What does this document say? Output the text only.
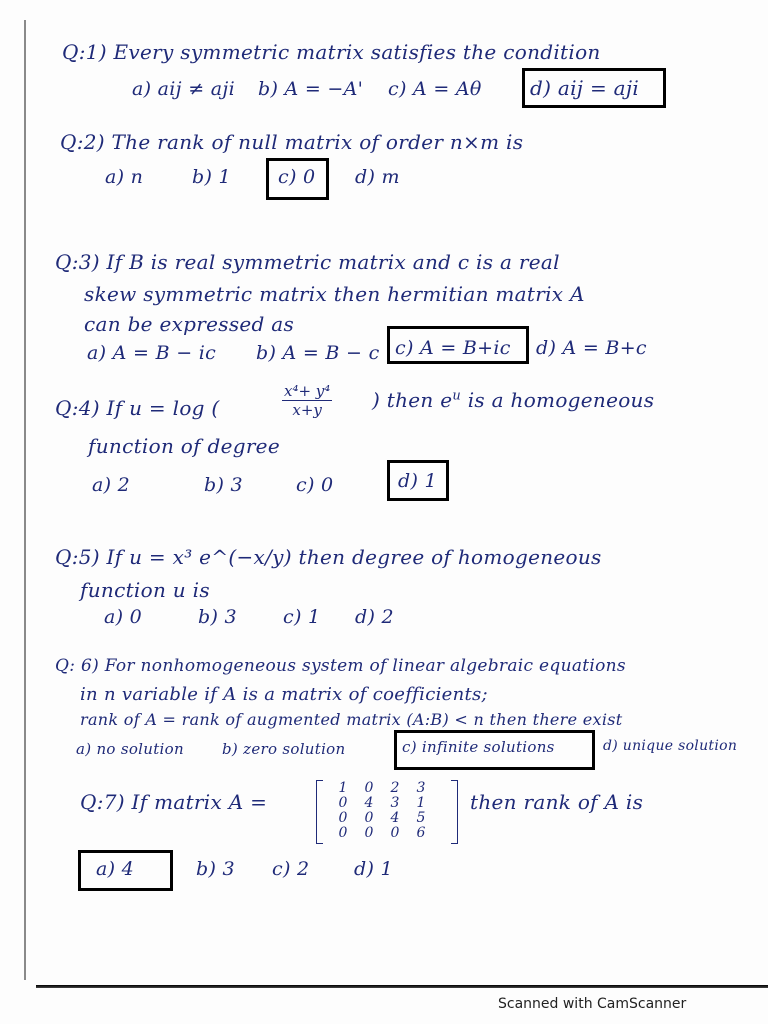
Q:1) Every symmetric matrix satisfies the condition
a) aij ≠ aji b) A = −A' c) A = Aθ d) aij = aji
Q:2) The rank of null matrix of order n×m is
a) n	b) 1 c) 0 d) m
Q:3) If B is real symmetric matrix and c is a real
skew symmetric matrix then hermitian matrix A
can be expressed as
a) A = B − ic b) A = B − c c) A = B+ic d) A = B+c
Q:4) If u = log (	$\frac{\text{x⁴+ y⁴}}{x+y}$ ) then $e^u$ is a homogeneous
function of degree
a) 2	b) 3	c) 0	d) 1
Q:5) If u = x³ e^(−x/y) then degree of homogeneous
function u is
a) 0	b) 3 c) 1 d) 2
Q: 6) For nonhomogeneous system of linear algebraic equations
in n variable if A is a matrix of coefficients;
rank of A = rank of augmented matrix (A:B) < n then there exist
a) no solution	b) zero solution	c) infinite solutions	d) unique solution
Q:7) If matrix A =
1	0	2	3
0	4	3	1
0	0	4	5
0	0	0	6
then rank of A is
a) 4	b) 3 c) 2 d) 1
Scanned with CamScanner
